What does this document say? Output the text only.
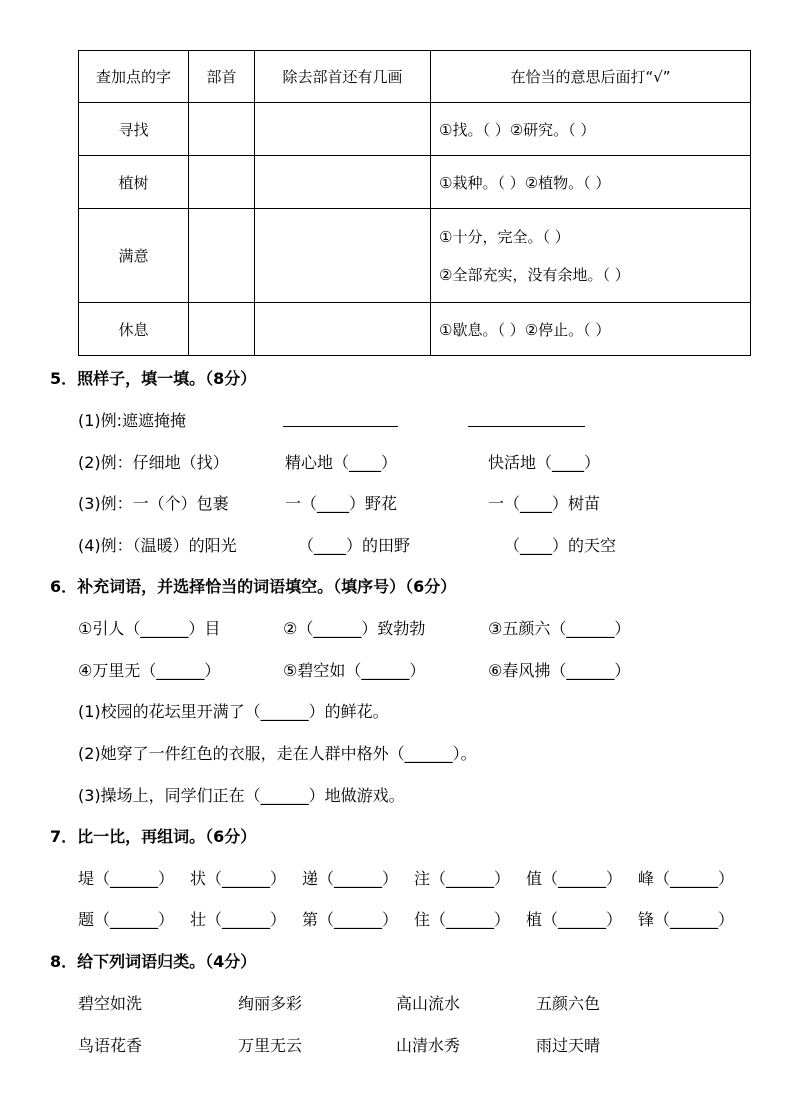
查加点的字	部首	除去部首还有几画	在恰当的意思后面打“√”
寻找			①找。（ ）②研究。（ ）
植树			①栽种。（ ）②植物。（ ）
满意			①十分，完全。（ ）
②全部充实，没有余地。（ ）

休息			①歇息。（ ）②停止。（ ）
5．照样子，填一填。（8分）
(1)例:遮遮掩掩
(2)例：仔细地（找）	精心地（____）	快活地（____）
(3)例：一（个）包裹	一（____）野花	一（____）树苗
(4)例：（温暖）的阳光	（____）的田野	（____）的天空
6．补充词语，并选择恰当的词语填空。（填序号）（6分）
①引人（______）目	②（______）致勃勃	③五颜六（______）
④万里无（______）	⑤碧空如（______）	⑥春风拂（______）
(1)校园的花坛里开满了（______）的鲜花。
(2)她穿了一件红色的衣服，走在人群中格外（______）。
(3)操场上，同学们正在（______）地做游戏。
7．比一比，再组词。（6分）
堤（______） 状（______） 递（______） 注（______） 值（______） 峰（______）
题（______） 壮（______） 第（______） 住（______） 植（______） 锋（______）
8．给下列词语归类。（4分）
碧空如洗	绚丽多彩	高山流水	五颜六色
鸟语花香	万里无云	山清水秀	雨过天晴
